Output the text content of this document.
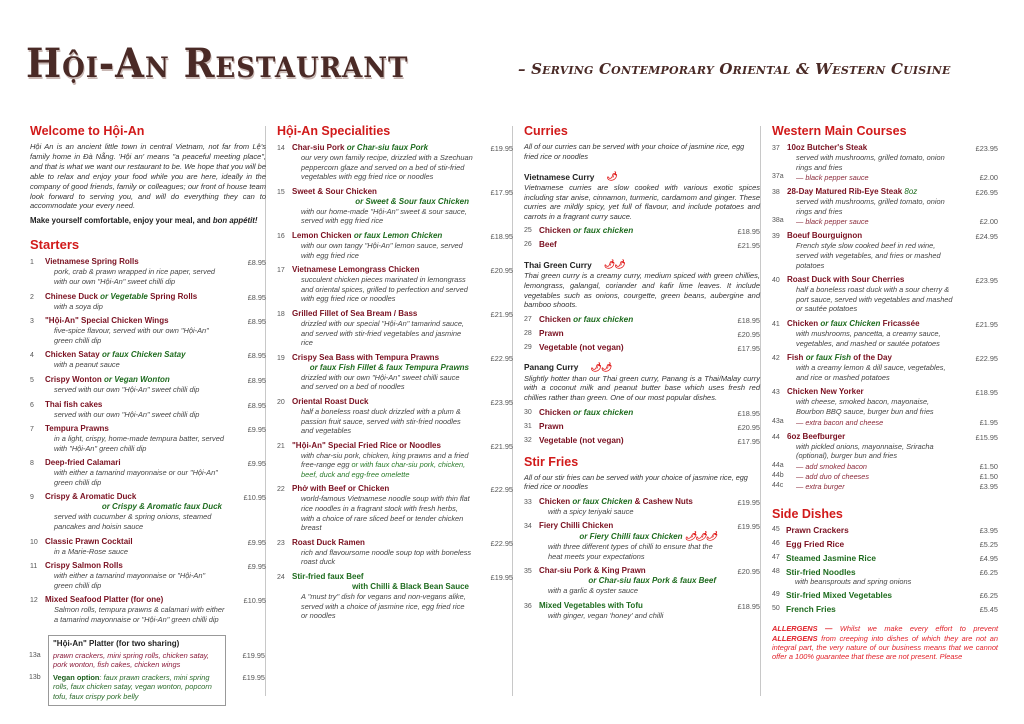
Hội-An Restaurant	– Serving Contemporary Oriental & Western Cuisine
Welcome to Hội-An

Hội An is an ancient little town in central Vietnam, not far from Lệ's family home in Đà Nẵng. 'Hội an' means "a peaceful meeting place", and that is what we want our restaurant to be. We hope that you will be able to relax and enjoy your food while you are here, ideally in the company of good friends, family or colleagues; our front of house team look forward to serving you, and will do everything they can to accommodate your every need.

Make yourself comfortable, enjoy your meal, and bon appétit!

Starters
1	Vietnamese Spring Rolls
pork, crab & prawn wrapped in rice paper, served with our own "Hội-An" sweet chilli dip
£8.95
2	Chinese Duck or Vegetable Spring Rolls
with a soya dip
£8.95
3	"Hội-An" Special Chicken Wings
five-spice flavour, served with our own "Hội-An" green chilli dip
£8.95
4	Chicken Satay or faux Chicken Satay
with a peanut sauce
£8.95
5	Crispy Wonton or Vegan Wonton
served with our own "Hội-An" sweet chilli dip
£8.95
6	Thai fish cakes
served with our own "Hội-An" sweet chilli dip
£8.95
7	Tempura Prawns
in a light, crispy, home-made tempura batter, served with "Hội-An" green chilli dip
£9.95
8	Deep-fried Calamari
with either a tamarind mayonnaise or our "Hội-An" green chilli dip
£9.95
9	Crispy & Aromatic Duck
or Crispy & Aromatic faux Duck
served with cucumber & spring onions, steamed pancakes and hoisin sauce
£10.95
10 Classic Prawn Cocktail
in a Marie-Rose sauce
£9.95
11 Crispy Salmon Rolls
with either a tamarind mayonnaise or "Hội-An" green chilli dip
£9.95
12 Mixed Seafood Platter (for one)
Salmon rolls, tempura prawns & calamari with either a tamarind mayonnaise or "Hội-An" green chilli dip
£10.95
"Hội-An" Platter (for two sharing)
13a	£19.95
prawn crackers, mini spring rolls, chicken satay, pork wonton, fish cakes, chicken wings
13b	£19.95
Vegan option: faux prawn crackers, mini spring rolls, faux chicken satay, vegan wonton, popcorn tofu, faux crispy pork belly
Hội-An Specialities
14 Char-siu Pork or Char-siu faux Pork
our very own family recipe, drizzled with a Szechuan peppercorn glaze and served on a bed of stir-fried vegetables with egg fried rice or noodles
£19.95
15 Sweet & Sour Chicken
or Sweet & Sour faux Chicken
with our home-made "Hội-An" sweet & sour sauce, served with egg fried rice
£17.95
16 Lemon Chicken or faux Lemon Chicken
with our own tangy "Hội-An" lemon sauce, served with egg fried rice
£18.95
17 Vietnamese Lemongrass Chicken
succulent chicken pieces marinated in lemongrass and oriental spices, grilled to perfection and served with egg fried rice or noodles
£20.95
18 Grilled Fillet of Sea Bream / Bass
drizzled with our special "Hội-An" tamarind sauce, and served with stir-fried vegetables and jasmine rice
£21.95
19 Crispy Sea Bass with Tempura Prawns
or faux Fish Fillet & faux Tempura Prawns
drizzled with our own "Hội-An" sweet chilli sauce and served on a bed of noodles
£22.95
20 Oriental Roast Duck
half a boneless roast duck drizzled with a plum & passion fruit sauce, served with stir-fried noodles and vegetables
£23.95
21 "Hội-An" Special Fried Rice or Noodles
with char-siu pork, chicken, king prawns and a fried free-range egg or with faux char-siu pork, chicken, beef, duck and egg-free omelette
£21.95
22 Phở with Beef or Chicken
world-famous Vietnamese noodle soup with thin flat rice noodles in a fragrant stock with fresh herbs, with a choice of rare sliced beef or tender chicken breast
£22.95
23 Roast Duck Ramen
rich and flavoursome noodle soup top with boneless roast duck
£22.95
24 Stir-fried faux Beef
with Chilli & Black Bean Sauce
A "must try" dish for vegans and non-vegans alike, served with a choice of jasmine rice, egg fried rice or noodles
£19.95
Curries

All of our curries can be served with your choice of jasmine rice, egg fried rice or noodles

Vietnamese Curry 🌶

Vietnamese curries are slow cooked with various exotic spices including star anise, cinnamon, turmeric, cardamom and ginger. These curries are mildly spicy, yet full of flavour, and include potatoes and carrots in a fragrant curry sauce.

25 Chicken or faux chicken	£18.95
26 Beef	£21.95
Thai Green Curry 🌶🌶

Thai green curry is a creamy curry, medium spiced with green chillies, lemongrass, galangal, coriander and kafir lime leaves. It include vegetables such as onions, courgette, green beans, aubergine and bamboo shoots.

27 Chicken or faux chicken	£18.95
28 Prawn	£20.95
29 Vegetable (not vegan)	£17.95
Panang Curry 🌶🌶

Slightly hotter than our Thai green curry, Panang is a Thai/Malay curry with a coconut milk and peanut butter base which uses fresh red chillies rather than green. One of our most popular dishes.

30 Chicken or faux chicken	£18.95
31 Prawn	£20.95
32 Vegetable (not vegan)	£17.95
Stir Fries

All of our stir fries can be served with your choice of jasmine rice, egg fried rice or noodles

33 Chicken or faux Chicken & Cashew Nuts
with a spicy teriyaki sauce
£19.95
34 Fiery Chilli Chicken
or Fiery Chilli faux Chicken 🌶🌶🌶
with three different types of chilli to ensure that the heat meets your expectations
£19.95
35 Char-siu Pork & King Prawn
or Char-siu faux Pork & faux Beef
with a garlic & oyster sauce
£20.95
36 Mixed Vegetables with Tofu
with ginger, vegan 'honey' and chilli
£18.95
Western Main Courses
37 10oz Butcher's Steak
served with mushrooms, grilled tomato, onion rings and fries
£23.95
37a	— black pepper sauce	£2.00
38 28-Day Matured Rib-Eye Steak 8oz
served with mushrooms, grilled tomato, onion rings and fries
£26.95
38a	— black pepper sauce	£2.00
39 Boeuf Bourguignon
French style slow cooked beef in red wine, served with vegetables, and fries or mashed potatoes
£24.95
40 Roast Duck with Sour Cherries
half a boneless roast duck with a sour cherry & port sauce, served with vegetables and mashed or sautée potatoes
£23.95
41 Chicken or faux Chicken Fricassée
with mushrooms, pancetta, a creamy sauce, vegetables, and mashed or sautée potatoes
£21.95
42 Fish or faux Fish of the Day
with a creamy lemon & dill sauce, vegetables, and rice or mashed potatoes
£22.95
43 Chicken New Yorker
with cheese, smoked bacon, mayonaise, Bourbon BBQ sauce, burger bun and fries
£18.95
43a	— extra bacon and cheese	£1.95
44 6oz Beefburger
with pickled onions, mayonnaise, Sriracha (optional), burger bun and fries
£15.95
44a	— add smoked bacon	£1.50
44b	— add duo of cheeses	£1.50
44c	— extra burger	£3.95
Side Dishes
45 Prawn Crackers	£3.95
46 Egg Fried Rice	£5.25
47 Steamed Jasmine Rice	£4.95
48 Stir-fried Noodles
with beansprouts and spring onions
£6.25
49 Stir-fried Mixed Vegetables	£6.25
50 French Fries	£5.45

ALLERGENS — Whilst we make every effort to prevent ALLERGENS from creeping into dishes of which they are not an integral part, the very nature of our business means that we cannot offer a 100% guarantee that these are not present. Please
